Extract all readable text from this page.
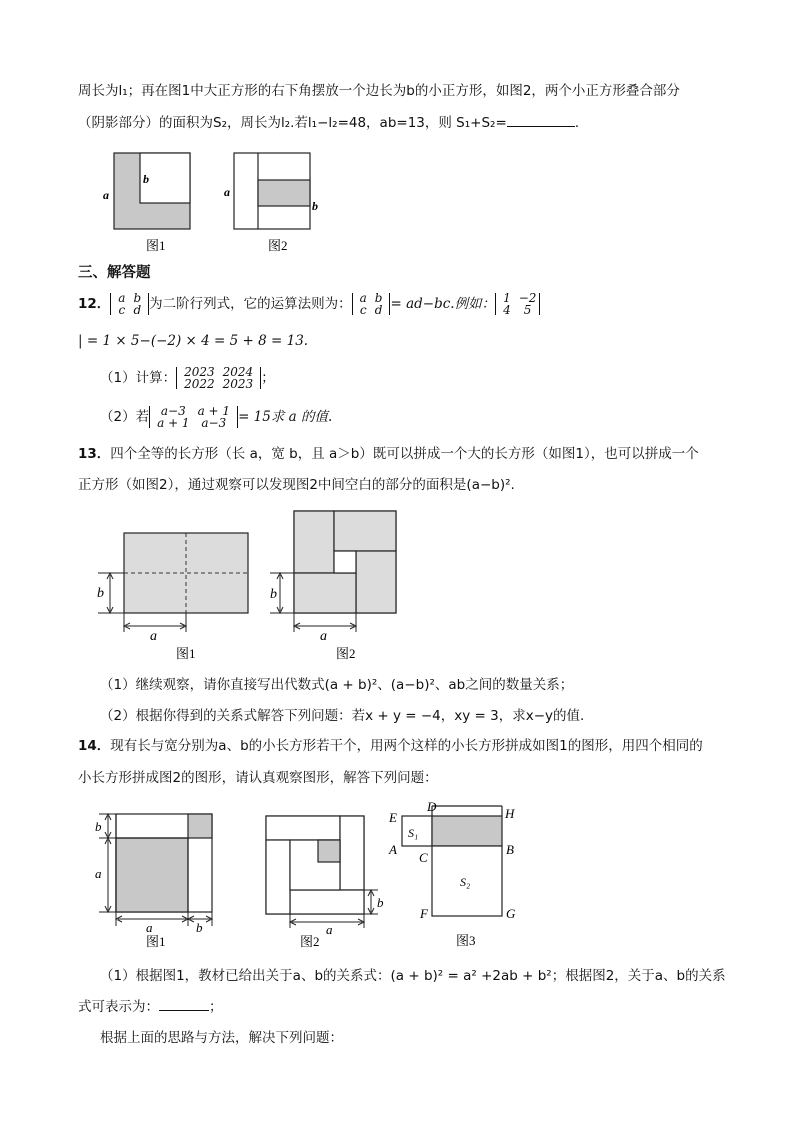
周长为l₁；再在图1中大正方形的右下角摆放一个边长为b的小正方形，如图2，两个小正方形叠合部分
（阴影部分）的面积为S₂，周长为l₂.若l₁−l₂=48，ab=13，则 S₁+S₂=	.
a
b
图1
a
b
图2
三、解答题
12． a	b
c	d 为二阶行列式，它的运算法则为： a	b
c	d = ad−bc.例如： 1	−2
4	5
| = 1 × 5−(−2) × 4 = 5 + 8 = 13.
（1）计算： 2023	2024
2022	2023 ；
（2）若 a−3	a + 1
a + 1	a−3 = 15求 a 的值.
13．四个全等的长方形（长 a，宽 b，且 a＞b）既可以拼成一个大的长方形（如图1），也可以拼成一个
正方形（如图2），通过观察可以发现图2中间空白的部分的面积是(a−b)².
b
a
图1
b
a
图2
（1）继续观察，请你直接写出代数式(a + b)²、(a−b)²、ab之间的数量关系；
（2）根据你得到的关系式解答下列问题：若x + y = −4，xy = 3，求x−y的值.
14．现有长与宽分别为a、b的小长方形若干个，用两个这样的小长方形拼成如图1的图形，用四个相同的
小长方形拼成图2的图形，请认真观察图形，解答下列问题：
b
a
a	b
图1
b
a
图2
E
D	H
A
C
B
F	G
S₁
S₂
图3
（1）根据图1，教材已给出关于a、b的关系式：(a + b)² = a² +2ab + b²；根据图2，关于a、b的关系
式可表示为：	；
根据上面的思路与方法，解决下列问题：
